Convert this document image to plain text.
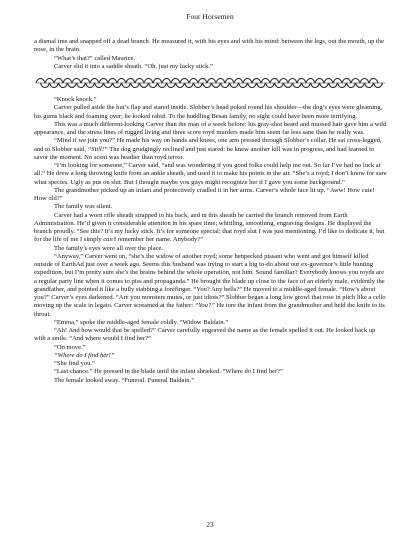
Four Horsemen

a dismal tree and snapped off a dead branch. He measured it, with his eyes and with his mind: between the legs, out the mouth, up the nose, in the brain.

“What’s that?” called Maurice.

Carver slid it into a saddle sheath. “Oh, just my lucky stick.”

“Knock knock.”

Carver pulled aside the hut’s flap and stared inside. Slobber’s head poked round his shoulder—the dog’s eyes were gleaming, his gums black and foaming over; he looked rabid. To the huddling Besan family, no sight could have been more terrifying.

This was a much different-looking Carver than the man of a week before: his gray-shot beard and mussed hair gave him a wild appearance, and the stress lines of rugged living and three score royd murders made him seem far less sane than he really was.

“Mind if we join you?” He made his way on hands and knees, one arm pressed through Slobber’s collar. He sat cross-legged, and to Slobber said, “Still!” The dog grudgingly reclined and just stared: he knew another kill was in progress, and had learned to savor the moment. No scent was headier than royd terror.

“I’m looking for someone,” Carver said, “and was wondering if you good folks could help me out. So far I’ve had no luck at all.” He drew a long throwing knife from an ankle sheath, and used it to make his points in the air. “She’s a royd; I don’t know for sure what species. Ugly as pus on shit. But I thought maybe you guys might recognize her if I gave you some background.”

The grandmother picked up an infant and protectively cradled it in her arms. Carver’s whole face lit up. “Aww! How cute! How old?”

The family was silent.

Carver had a worn rifle sheath strapped to his back, and in this sheath he carried the branch removed from Earth Administration. He’d given it considerable attention in his spare time; whittling, smoothing, engraving designs. He displayed the branch proudly. “See this? It’s my lucky stick. It’s for someone special; that royd slut I was just mentioning. I’d like to dedicate it, but for the life of me I simply can’t remember her name. Anybody?”

The family’s eyes were all over the place.

“Anyway,” Carver went on, “she’s the widow of another royd; some henpecked pissant who went and got himself killed outside of EarthAd just over a week ago. Seems this husband was trying to start a big to-do about our ex-governor’s little hunting expedition, but I’m pretty sure she’s the brains behind the whole operation, not him. Sound familiar? Everybody knows you royds are a regular party line when it comes to piss and propaganda.” He brought the blade up close to the face of an elderly male, evidently the grandfather, and pointed it like a bully stabbing a forefinger. “You? Any bells?” He moved to a middle-aged female. “How’s about you?” Carver’s eyes darkened. “Are you monsters mutes, or just idiots?” Slobber began a long low growl that rose in pitch like a cello moving up the scale in legato. Carver screamed at the father: “You?” He tore the infant from the grandmother and held the knife to its throat.

“Emma,” spoke the middle-aged female coldly. “Widow Baldain.”

“Ah! And how would that be spelled?” Carver carefully engraved the name as the female spelled it out. He looked back up with a smile. “And where would I find her?”

“On move.”

“Where do I find her!”

“She find you.”

“Last chance.” He pressed in the blade until the infant shrieked. “Where do I find her?”

The female looked away. “Funeral. Funeral Baldain.”

23
